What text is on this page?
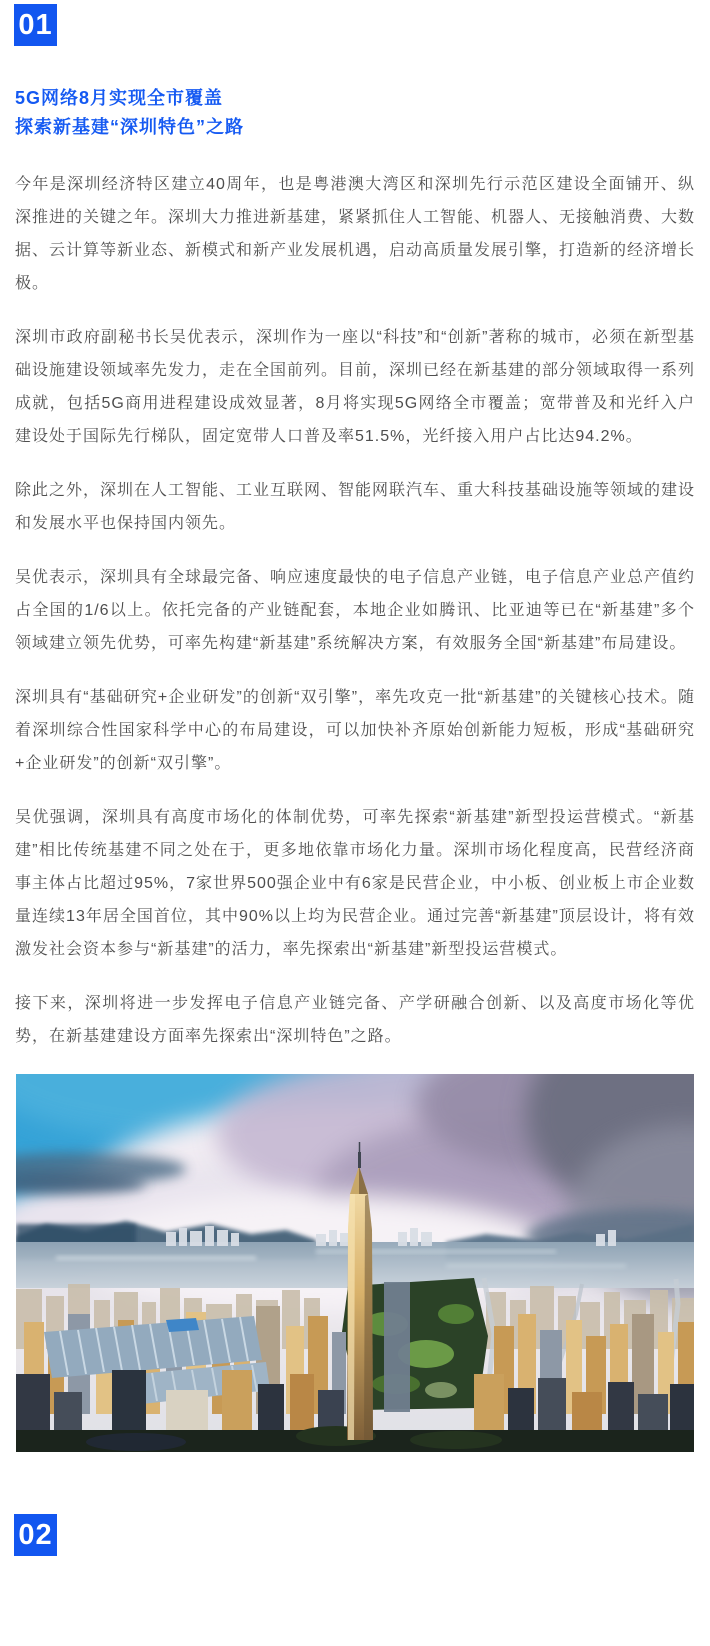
01
5G网络8月实现全市覆盖
探索新基建“深圳特色”之路

今年是深圳经济特区建立40周年，也是粤港澳大湾区和深圳先行示范区建设全面铺开、纵深推进的关键之年。深圳大力推进新基建，紧紧抓住人工智能、机器人、无接触消费、大数据、云计算等新业态、新模式和新产业发展机遇，启动高质量发展引擎，打造新的经济增长极。

深圳市政府副秘书长吴优表示，深圳作为一座以“科技”和“创新”著称的城市，必须在新型基础设施建设领域率先发力，走在全国前列。目前，深圳已经在新基建的部分领域取得一系列成就，包括5G商用进程建设成效显著，8月将实现5G网络全市覆盖；宽带普及和光纤入户建设处于国际先行梯队，固定宽带人口普及率51.5%，光纤接入用户占比达94.2%。

除此之外，深圳在人工智能、工业互联网、智能网联汽车、重大科技基础设施等领域的建设和发展水平也保持国内领先。

吴优表示，深圳具有全球最完备、响应速度最快的电子信息产业链，电子信息产业总产值约占全国的1/6以上。依托完备的产业链配套，本地企业如腾讯、比亚迪等已在“新基建”多个领域建立领先优势，可率先构建“新基建”系统解决方案，有效服务全国“新基建”布局建设。

深圳具有“基础研究+企业研发”的创新“双引擎”，率先攻克一批“新基建”的关键核心技术。随着深圳综合性国家科学中心的布局建设，可以加快补齐原始创新能力短板，形成“基础研究+企业研发”的创新“双引擎”。

吴优强调，深圳具有高度市场化的体制优势，可率先探索“新基建”新型投运营模式。“新基建”相比传统基建不同之处在于，更多地依靠市场化力量。深圳市场化程度高，民营经济商事主体占比超过95%，7家世界500强企业中有6家是民营企业，中小板、创业板上市企业数量连续13年居全国首位，其中90%以上均为民营企业。通过完善“新基建”顶层设计，将有效激发社会资本参与“新基建”的活力，率先探索出“新基建”新型投运营模式。

接下来，深圳将进一步发挥电子信息产业链完备、产学研融合创新、以及高度市场化等优势，在新基建建设方面率先探索出“深圳特色”之路。

02
